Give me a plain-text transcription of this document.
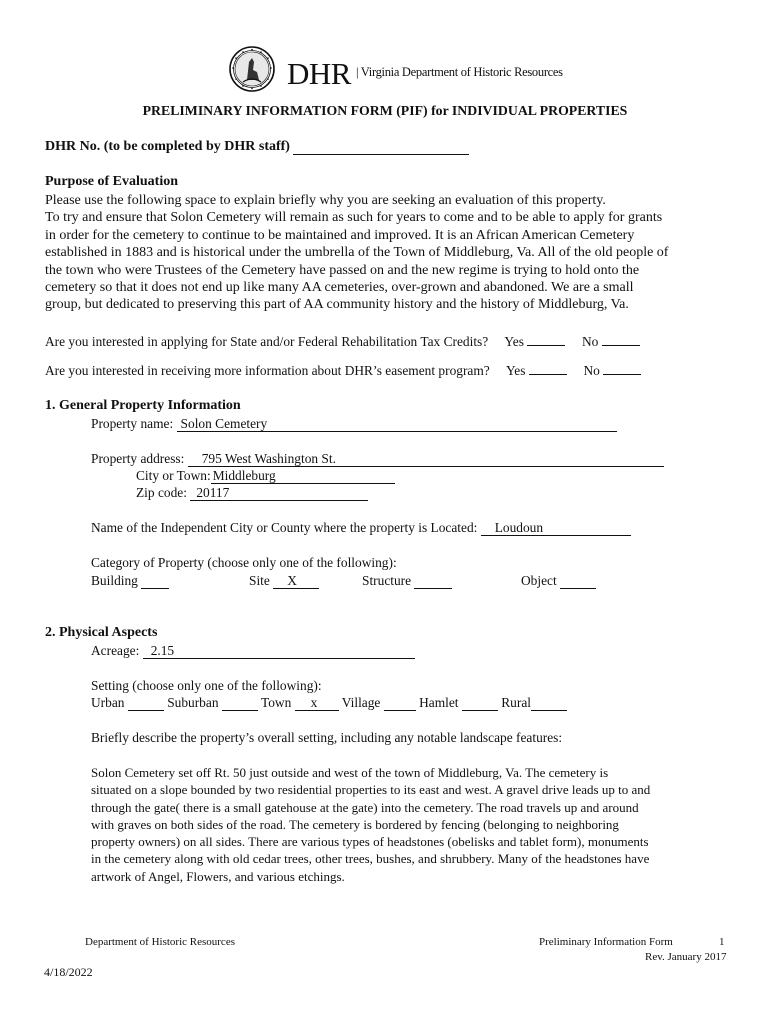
DHR | Virginia Department of Historic Resources
PRELIMINARY INFORMATION FORM (PIF) for INDIVIDUAL PROPERTIES
DHR No. (to be completed by DHR staff)
Purpose of Evaluation
Please use the following space to explain briefly why you are seeking an evaluation of this property.
To try and ensure that Solon Cemetery will remain as such for years to come and to be able to apply for grants
in order for the cemetery to continue to be maintained and improved. It is an African American Cemetery
established in 1883 and is historical under the umbrella of the Town of Middleburg, Va. All of the old people of
the town who were Trustees of the Cemetery have passed on and the new regime is trying to hold onto the
cemetery so that it does not end up like many AA cemeteries, over-grown and abandoned. We are a small
group, but dedicated to preserving this part of AA community history and the history of Middleburg, Va.
Are you interested in applying for State and/or Federal Rehabilitation Tax Credits? Yes	No
Are you interested in receiving more information about DHR’s easement program? Yes	No
1. General Property Information
Property name: Solon Cemetery
Property address: 795 West Washington St.
City or Town: Middleburg
Zip code: 20117
Name of the Independent City or County where the property is Located: Loudoun
Category of Property (choose only one of the following):
Building	Site X	Structure	Object
2. Physical Aspects
Acreage: 2.15
Setting (choose only one of the following):
Urban	Suburban	Town x Village	Hamlet	Rural
Briefly describe the property’s overall setting, including any notable landscape features:
Solon Cemetery set off Rt. 50 just outside and west of the town of Middleburg, Va. The cemetery is
situated on a slope bounded by two residential properties to its east and west. A gravel drive leads up to and
through the gate( there is a small gatehouse at the gate) into the cemetery. The road travels up and around
with graves on both sides of the road. The cemetery is bordered by fencing (belonging to neighboring
property owners) on all sides. There are various types of headstones (obelisks and tablet form), monuments
in the cemetery along with old cedar trees, other trees, bushes, and shrubbery. Many of the headstones have
artwork of Angel, Flowers, and various etchings.
Department of Historic Resources	Preliminary Information Form	1
Rev. January 2017
4/18/2022
